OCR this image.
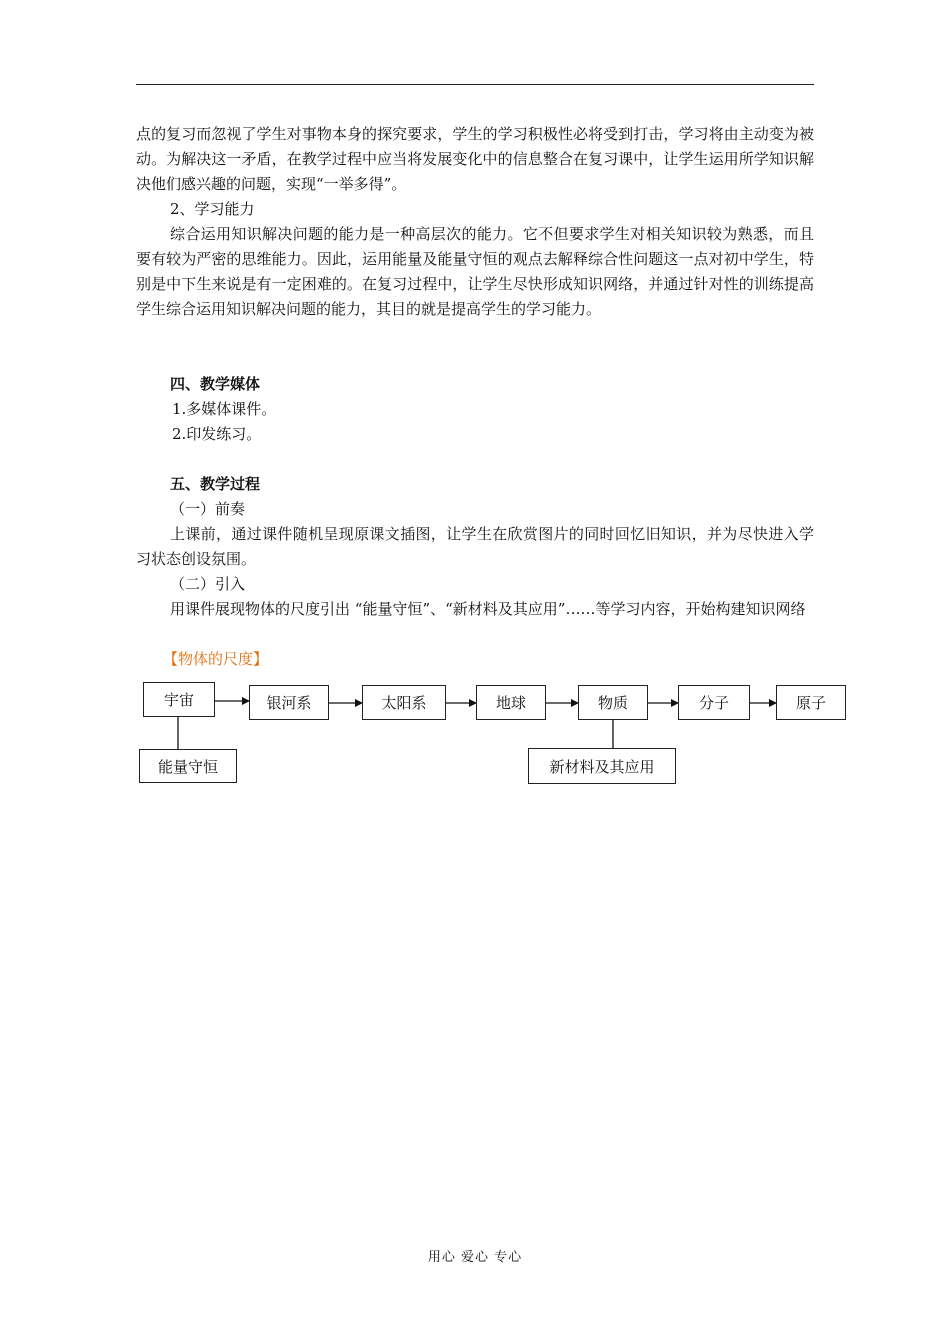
点的复习而忽视了学生对事物本身的探究要求，学生的学习积极性必将受到打击，学习将由主动变为被动。为解决这一矛盾，在教学过程中应当将发展变化中的信息整合在复习课中，让学生运用所学知识解决他们感兴趣的问题，实现“一举多得”。

2、学习能力

综合运用知识解决问题的能力是一种高层次的能力。它不但要求学生对相关知识较为熟悉，而且要有较为严密的思维能力。因此，运用能量及能量守恒的观点去解释综合性问题这一点对初中学生，特别是中下生来说是有一定困难的。在复习过程中，让学生尽快形成知识网络，并通过针对性的训练提高学生综合运用知识解决问题的能力，其目的就是提高学生的学习能力。

四、教学媒体
1.多媒体课件。
2.印发练习。
五、教学过程
（一）前奏

上课前，通过课件随机呈现原课文插图，让学生在欣赏图片的同时回忆旧知识，并为尽快进入学习状态创设氛围。

（二）引入

用课件展现物体的尺度引出 “能量守恒”、“新材料及其应用”……等学习内容，开始构建知识网络

【物体的尺度】
宇宙	银河系	太阳系	地球	物质	分子	原子
能量守恒	新材料及其应用
用心 爱心 专心
